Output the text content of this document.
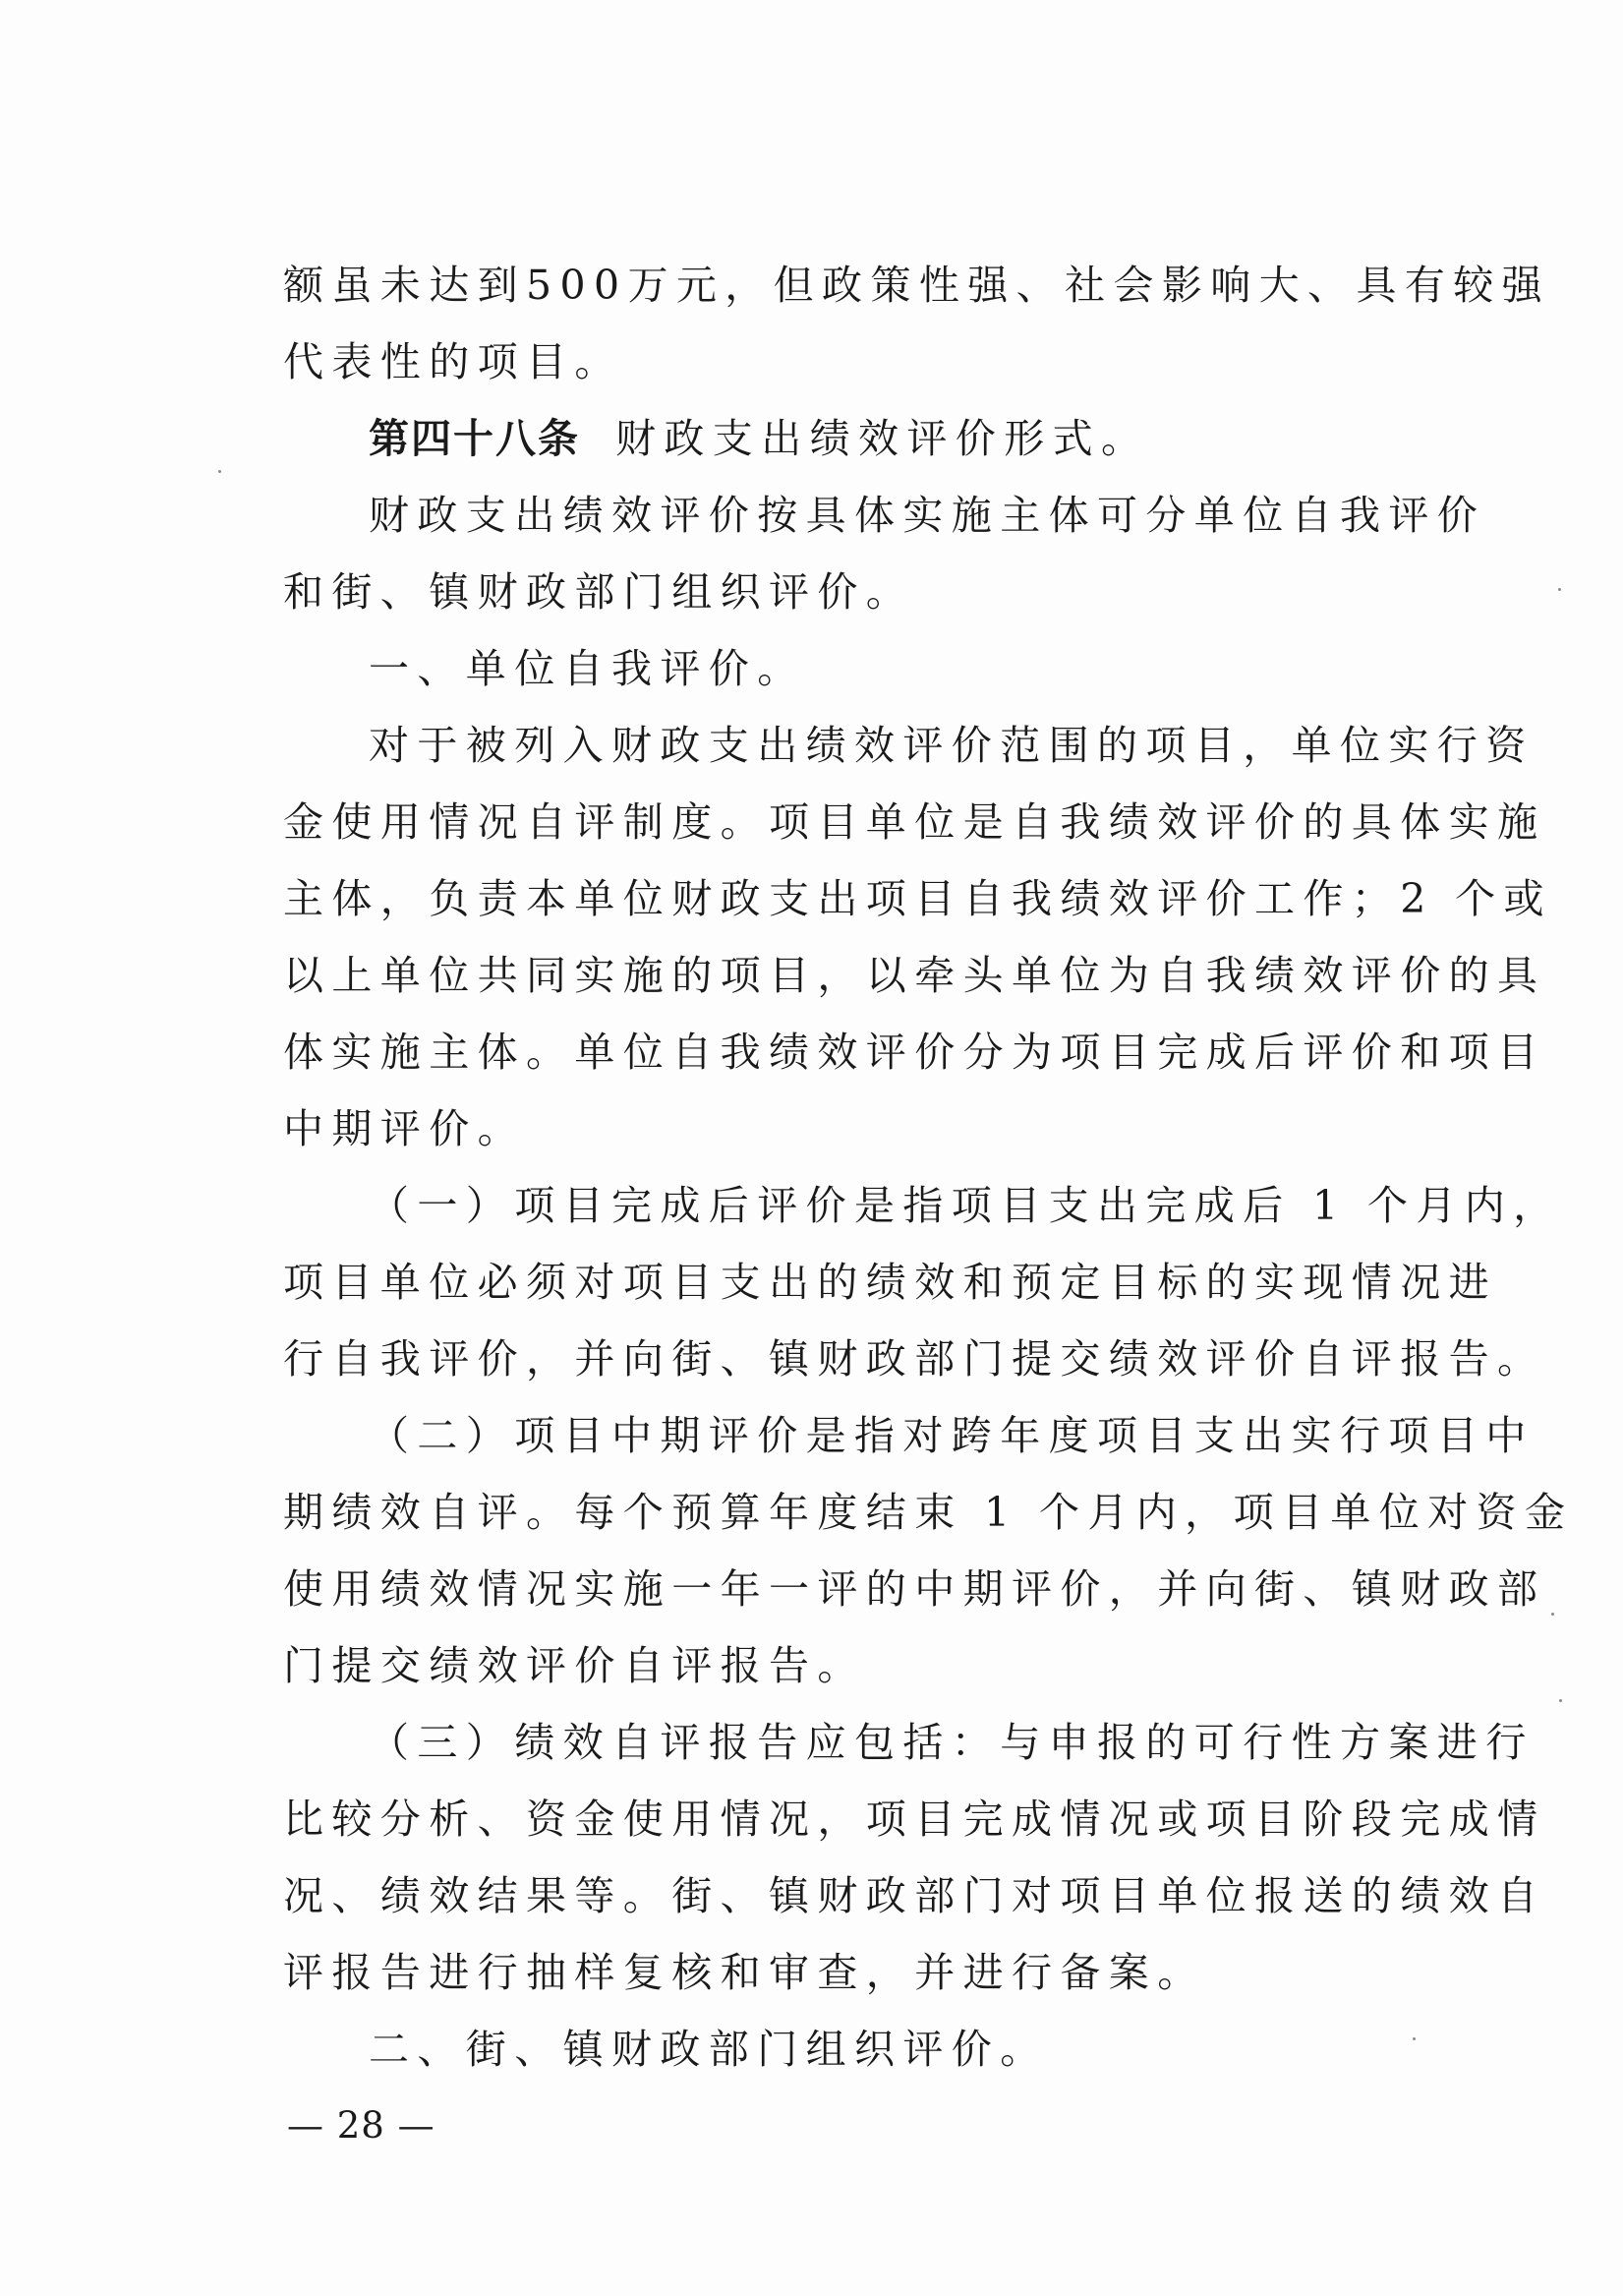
额虽未达到500万元，但政策性强、社会影响大、具有较强
代表性的项目。
第四十八条 财政支出绩效评价形式。
财政支出绩效评价按具体实施主体可分单位自我评价
和街、镇财政部门组织评价。
一、单位自我评价。
对于被列入财政支出绩效评价范围的项目，单位实行资
金使用情况自评制度。项目单位是自我绩效评价的具体实施
主体，负责本单位财政支出项目自我绩效评价工作；2 个或
以上单位共同实施的项目，以牵头单位为自我绩效评价的具
体实施主体。单位自我绩效评价分为项目完成后评价和项目
中期评价。
（一）项目完成后评价是指项目支出完成后 1 个月内，
项目单位必须对项目支出的绩效和预定目标的实现情况进
行自我评价，并向街、镇财政部门提交绩效评价自评报告。
（二）项目中期评价是指对跨年度项目支出实行项目中
期绩效自评。每个预算年度结束 1 个月内，项目单位对资金
使用绩效情况实施一年一评的中期评价，并向街、镇财政部
门提交绩效评价自评报告。
（三）绩效自评报告应包括：与申报的可行性方案进行
比较分析、资金使用情况，项目完成情况或项目阶段完成情
况、绩效结果等。街、镇财政部门对项目单位报送的绩效自
评报告进行抽样复核和审查，并进行备案。
— 28 —
二、街、镇财政部门组织评价。
